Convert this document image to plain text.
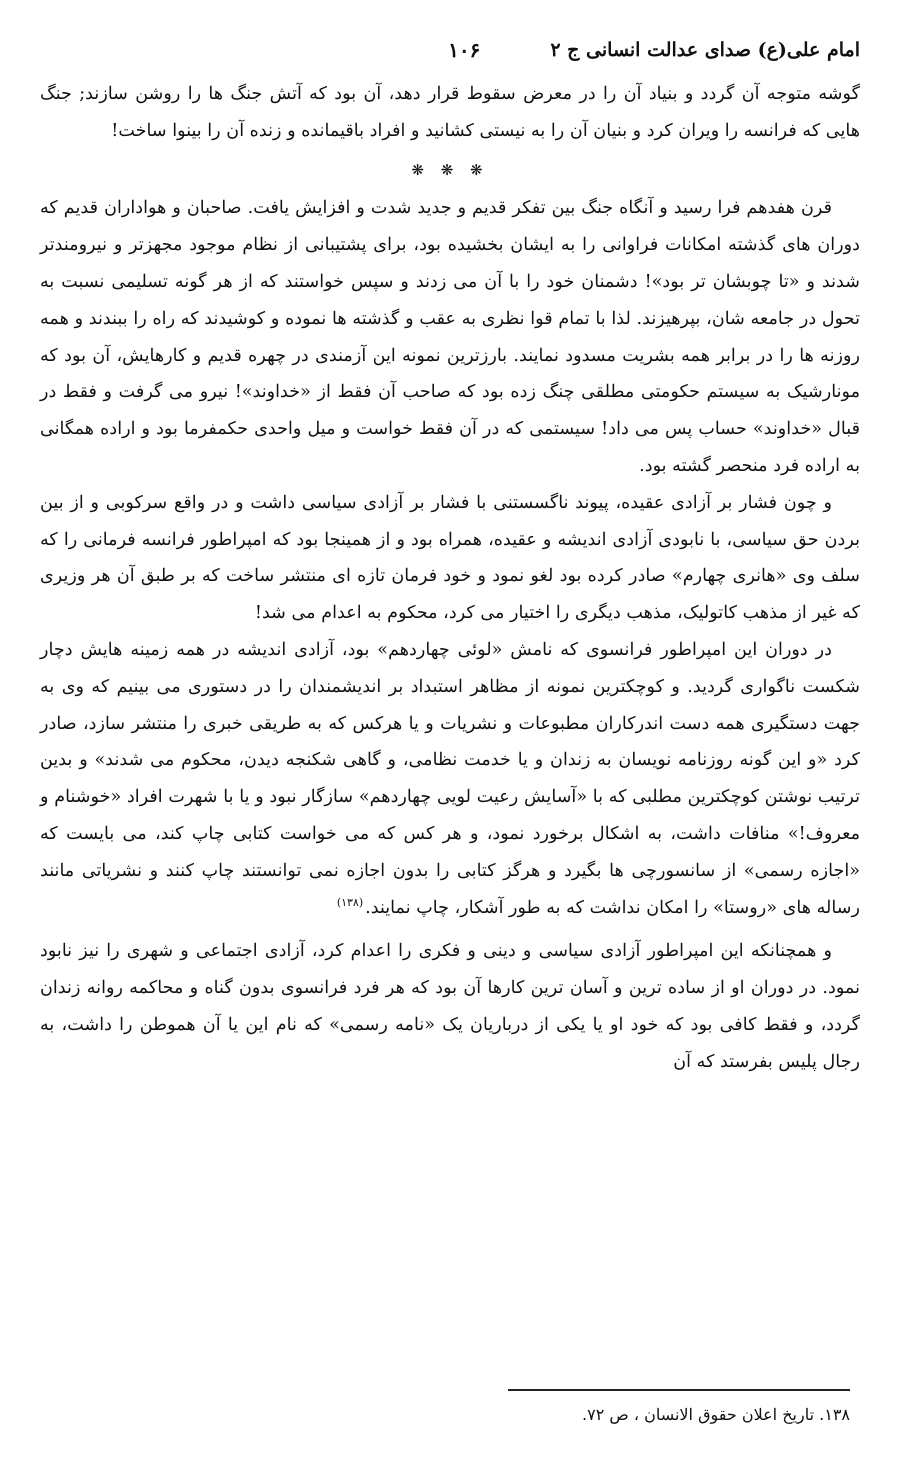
امام علی(ع) صدای عدالت انسانی ج ۲
۱۰۶

گوشه متوجه آن گردد و بنیاد آن را در معرض سقوط قرار دهد، آن بود که آتش جنگ ها را روشن سازند; جنگ هایی که فرانسه را ویران کرد و بنیان آن را به نیستی کشانید و افراد باقیمانده و زنده آن را بینوا ساخت!

❋ ❋ ❋

قرن هفدهم فرا رسید و آنگاه جنگ بین تفکر قدیم و جدید شدت و افزایش یافت. صاحبان و هواداران قدیم که دوران های گذشته امکانات فراوانی را به ایشان بخشیده بود، برای پشتیبانی از نظام موجود مجهزتر و نیرومندتر شدند و «تا چوبشان تر بود»! دشمنان خود را با آن می زدند و سپس خواستند که از هر گونه تسلیمی نسبت به تحول در جامعه شان، بپرهیزند. لذا با تمام قوا نظری به عقب و گذشته ها نموده و کوشیدند که راه را ببندند و همه روزنه ها را در برابر همه بشریت مسدود نمایند. بارزترین نمونه این آزمندی در چهره قدیم و کارهایش، آن بود که مونارشیک به سیستم حکومتی مطلقی چنگ زده بود که صاحب آن فقط از «خداوند»! نیرو می گرفت و فقط در قبال «خداوند» حساب پس می داد! سیستمی که در آن فقط خواست و میل واحدی حکمفرما بود و اراده همگانی به اراده فرد منحصر گشته بود.

و چون فشار بر آزادی عقیده، پیوند ناگسستنی با فشار بر آزادی سیاسی داشت و در واقع سرکوبی و از بین بردن حق سیاسی، با نابودی آزادی اندیشه و عقیده، همراه بود و از همینجا بود که امپراطور فرانسه فرمانی را که سلف وی «هانری چهارم» صادر کرده بود لغو نمود و خود فرمان تازه ای منتشر ساخت که بر طبق آن هر وزیری که غیر از مذهب کاتولیک، مذهب دیگری را اختیار می کرد، محکوم به اعدام می شد!

در دوران این امپراطور فرانسوی که نامش «لوئی چهاردهم» بود، آزادی اندیشه در همه زمینه هایش دچار شکست ناگواری گردید. و کوچکترین نمونه از مظاهر استبداد بر اندیشمندان را در دستوری می بینیم که وی به جهت دستگیری همه دست اندرکاران مطبوعات و نشریات و یا هرکس که به طریقی خبری را منتشر سازد، صادر کرد «و این گونه روزنامه نویسان به زندان و یا خدمت نظامی، و گاهی شکنجه دیدن، محکوم می شدند» و بدین ترتیب نوشتن کوچکترین مطلبی که با «آسایش رعیت لویی چهاردهم» سازگار نبود و یا با شهرت افراد «خوشنام و معروف!» منافات داشت، به اشکال برخورد نمود، و هر کس که می خواست کتابی چاپ کند، می بایست که «اجازه رسمی» از سانسورچی ها بگیرد و هرگز کتابی را بدون اجازه نمی توانستند چاپ کنند و نشریاتی مانند رساله های «روستا» را امکان نداشت که به طور آشکار، چاپ نمایند.$^{(۱۳۸)}$

و همچنانکه این امپراطور آزادی سیاسی و دینی و فکری را اعدام کرد، آزادی اجتماعی و شهری را نیز نابود نمود. در دوران او از ساده ترین و آسان ترین کارها آن بود که هر فرد فرانسوی بدون گناه و محاکمه روانه زندان گردد، و فقط کافی بود که خود او یا یکی از درباریان یک «نامه رسمی» که نام این یا آن هموطن را داشت، به رجال پلیس بفرستد که آن

۱۳۸. تاریخ اعلان حقوق الانسان ، ص ۷۲.
